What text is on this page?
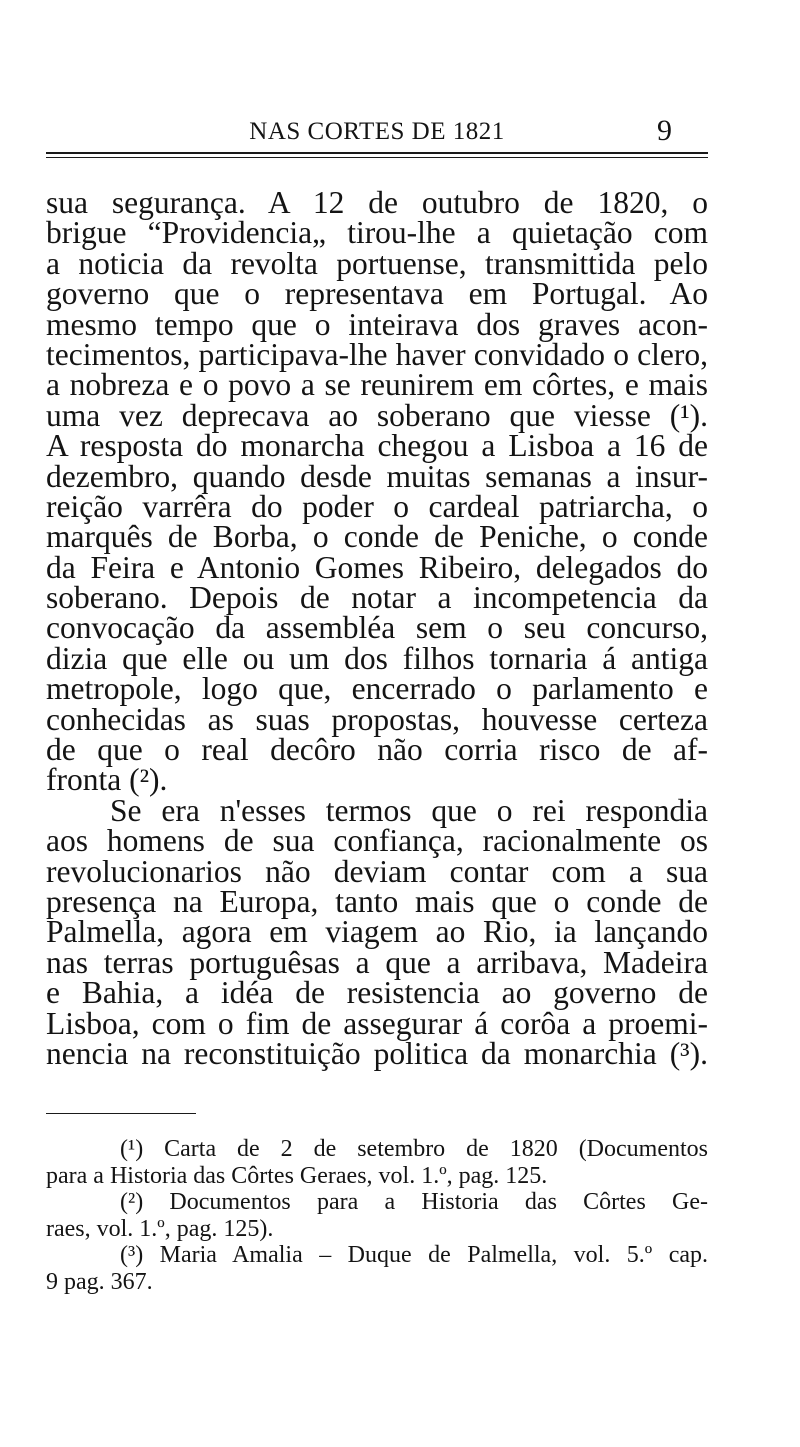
NAS CORTES DE 1821	9
sua segurança. A 12 de outubro de 1820, o
brigue “Providencia„ tirou-lhe a quietação com
a noticia da revolta portuense, transmittida pelo
governo que o representava em Portugal. Ao
mesmo tempo que o inteirava dos graves acon-
tecimentos, participava-lhe haver convidado o clero,
a nobreza e o povo a se reunirem em côrtes, e mais
uma vez deprecava ao soberano que viesse (¹).
A resposta do monarcha chegou a Lisboa a 16 de
dezembro, quando desde muitas semanas a insur-
reição varrêra do poder o cardeal patriarcha, o
marquês de Borba, o conde de Peniche, o conde
da Feira e Antonio Gomes Ribeiro, delegados do
soberano. Depois de notar a incompetencia da
convocação da assembléa sem o seu concurso,
dizia que elle ou um dos filhos tornaria á antiga
metropole, logo que, encerrado o parlamento e
conhecidas as suas propostas, houvesse certeza
de que o real decôro não corria risco de af-
fronta (²).
Se era n'esses termos que o rei respondia
aos homens de sua confiança, racionalmente os
revolucionarios não deviam contar com a sua
presença na Europa, tanto mais que o conde de
Palmella, agora em viagem ao Rio, ia lançando
nas terras portuguêsas a que a arribava, Madeira
e Bahia, a idéa de resistencia ao governo de
Lisboa, com o fim de assegurar á corôa a proemi-
nencia na reconstituição politica da monarchia (³).
(¹) Carta de 2 de setembro de 1820 (Documentos
para a Historia das Côrtes Geraes, vol. 1.º, pag. 125.
(²) Documentos para a Historia das Côrtes Ge-
raes, vol. 1.º, pag. 125).
(³) Maria Amalia – Duque de Palmella, vol. 5.º cap.
9 pag. 367.
